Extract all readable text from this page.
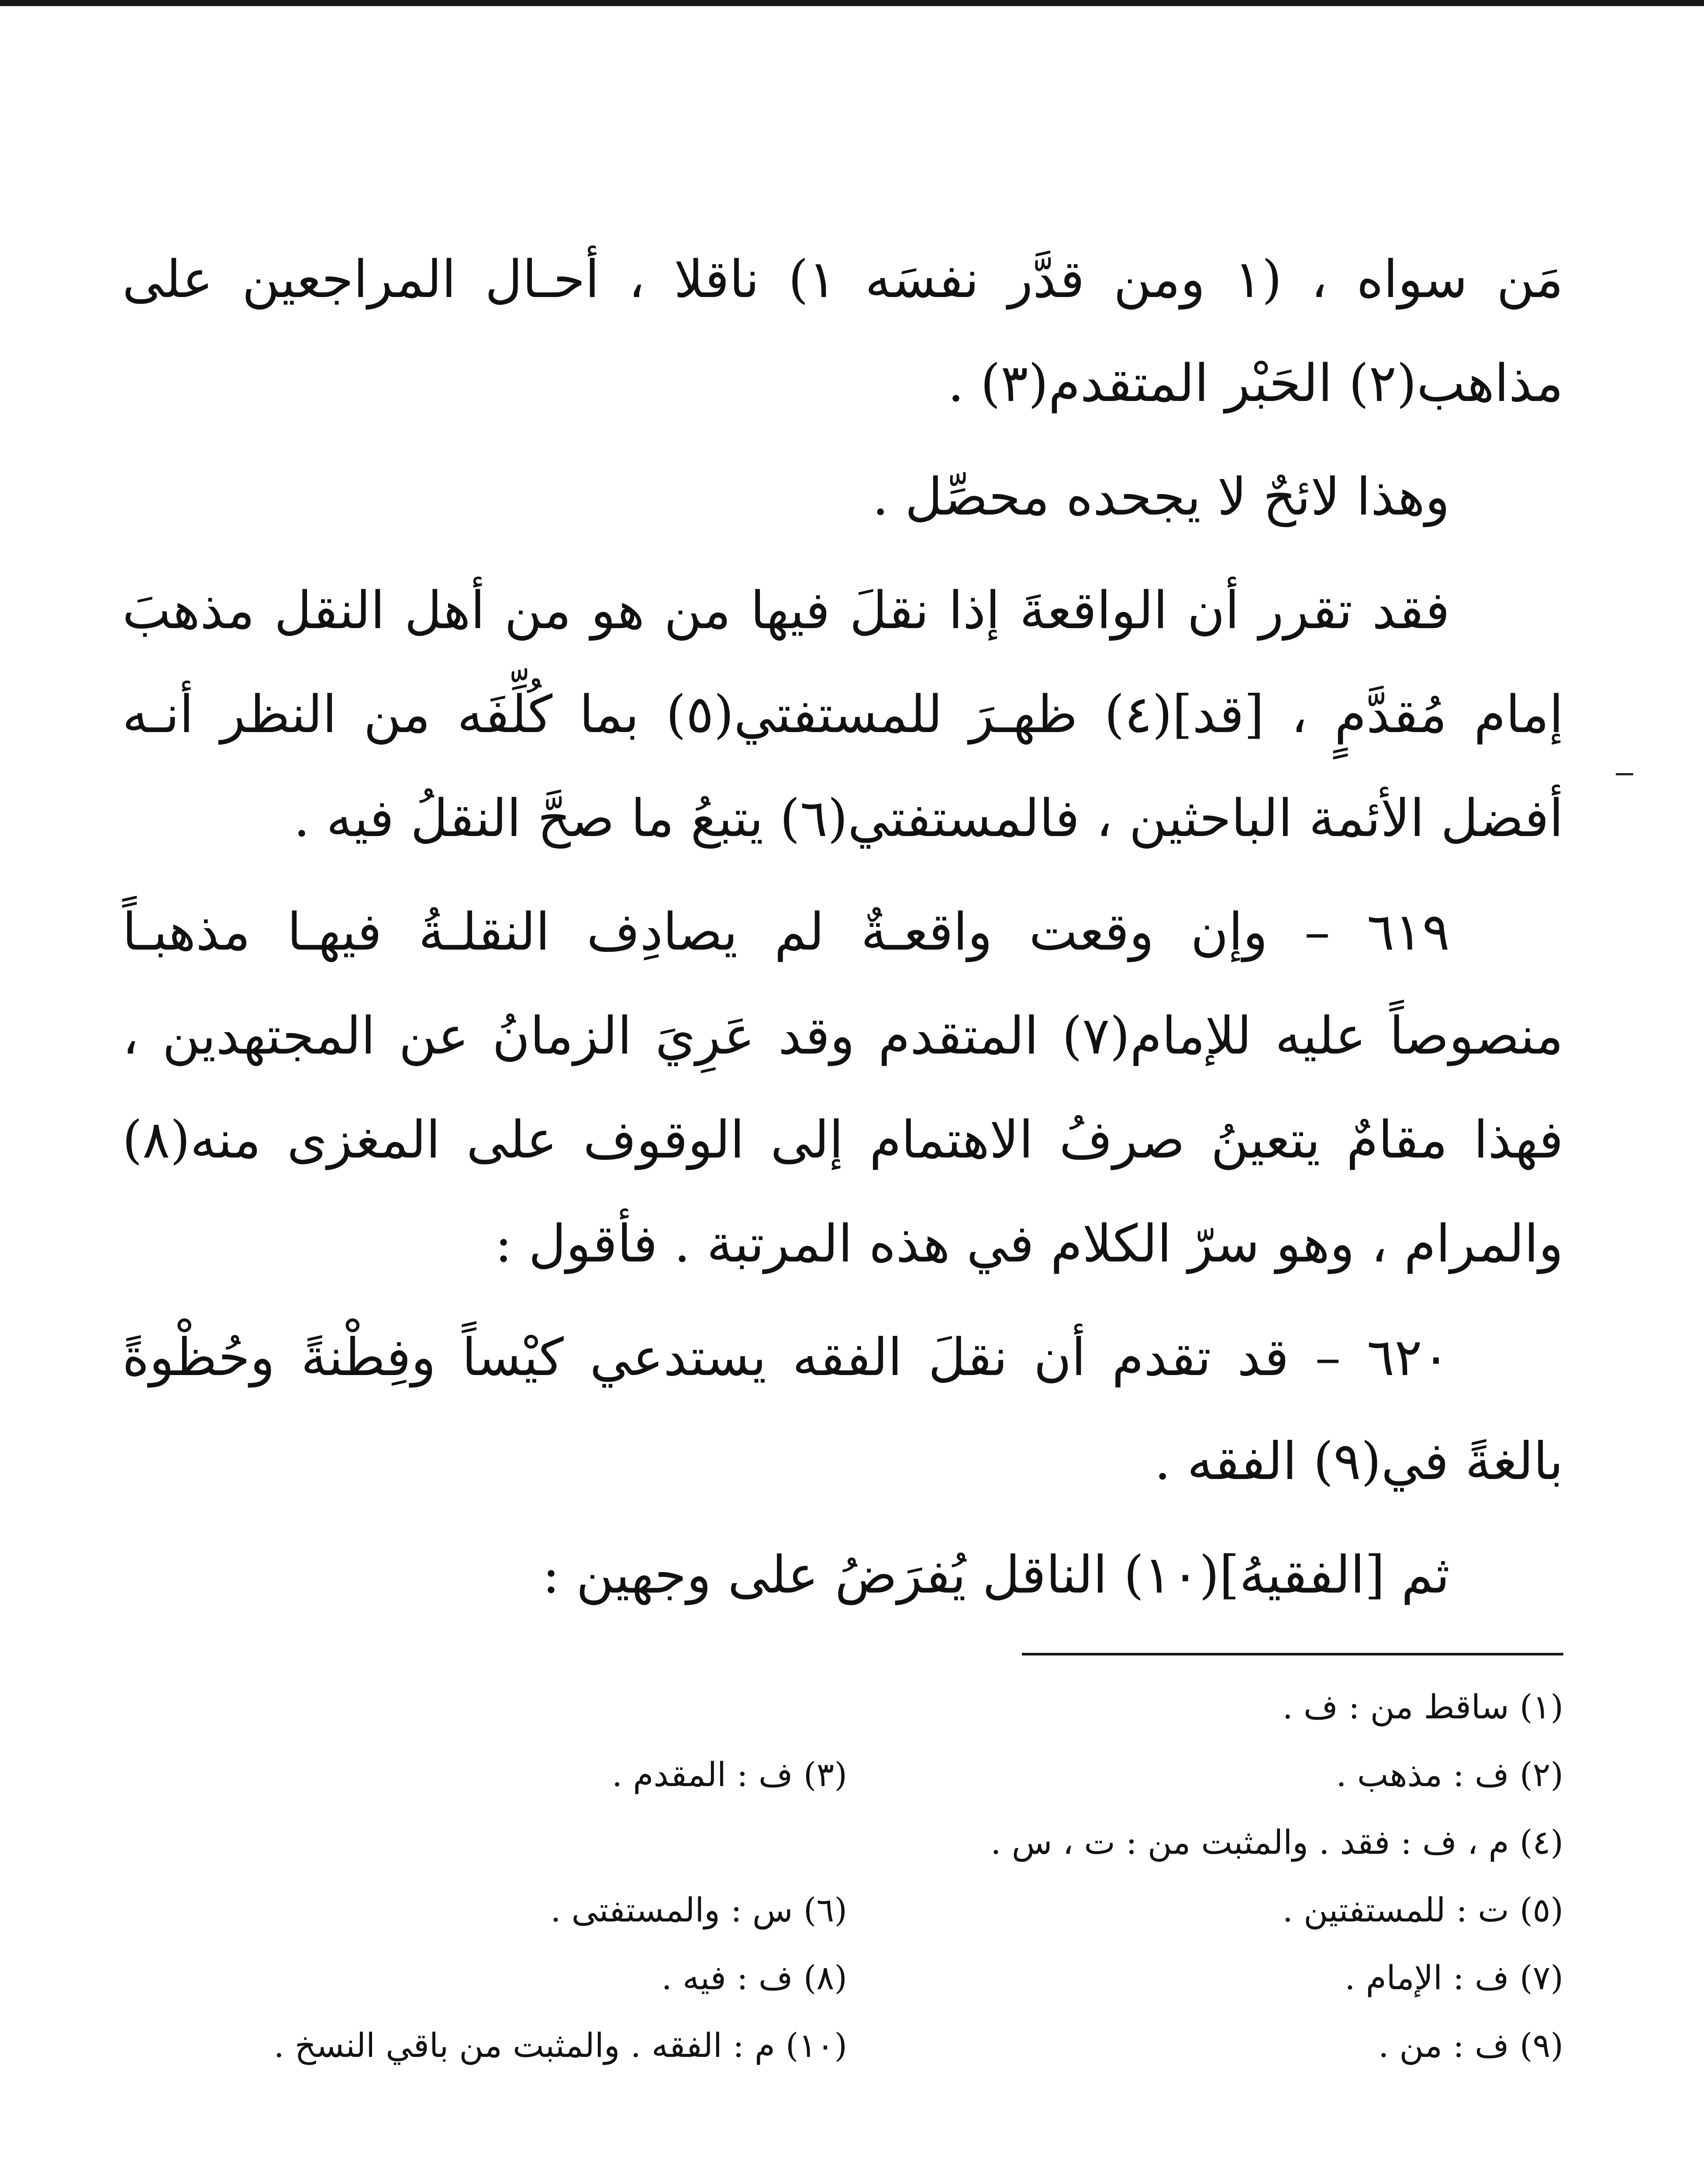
مَن سواه ، (١ ومن قدَّر نفسَه ١) ناقلا ، أحـال المراجعين على مذاهب(٢) الحَبْر المتقدم(٣) .

وهذا لائحٌ لا يجحده محصِّل .

فقد تقرر أن الواقعةَ إذا نقلَ فيها من هو من أهل النقل مذهبَ إمام مُقدَّمٍ ، [قد](٤) ظهـرَ للمستفتي(٥) بما كُلِّفَه من النظر أنـه أفضل الأئمة الباحثين ، فالمستفتي(٦) يتبعُ ما صحَّ النقلُ فيه .

٦١٩ – وإن وقعت واقعـةٌ لم يصادِف النقلـةُ فيهـا مذهبـاً منصوصاً عليه للإمام(٧) المتقدم وقد عَرِيَ الزمانُ عن المجتهدين ، فهذا مقامٌ يتعينُ صرفُ الاهتمام إلى الوقوف على المغزى منه(٨) والمرام ، وهو سرّ الكلام في هذه المرتبة . فأقول :

٦٢٠ – قد تقدم أن نقلَ الفقه يستدعي كيْساً وفِطْنةً وحُظْوةً بالغةً في(٩) الفقه .

ثم [الفقيهُ](١٠) الناقل يُفرَضُ على وجهين :

(١) ساقط من : ف .
(٢) ف : مذهب .
(٣) ف : المقدم .
(٤) م ، ف : فقد . والمثبت من : ت ، س .
(٥) ت : للمستفتين .
(٦) س : والمستفتى .
(٧) ف : الإمام .
(٨) ف : فيه .
(٩) ف : من .
(١٠) م : الفقه . والمثبت من باقي النسخ .
